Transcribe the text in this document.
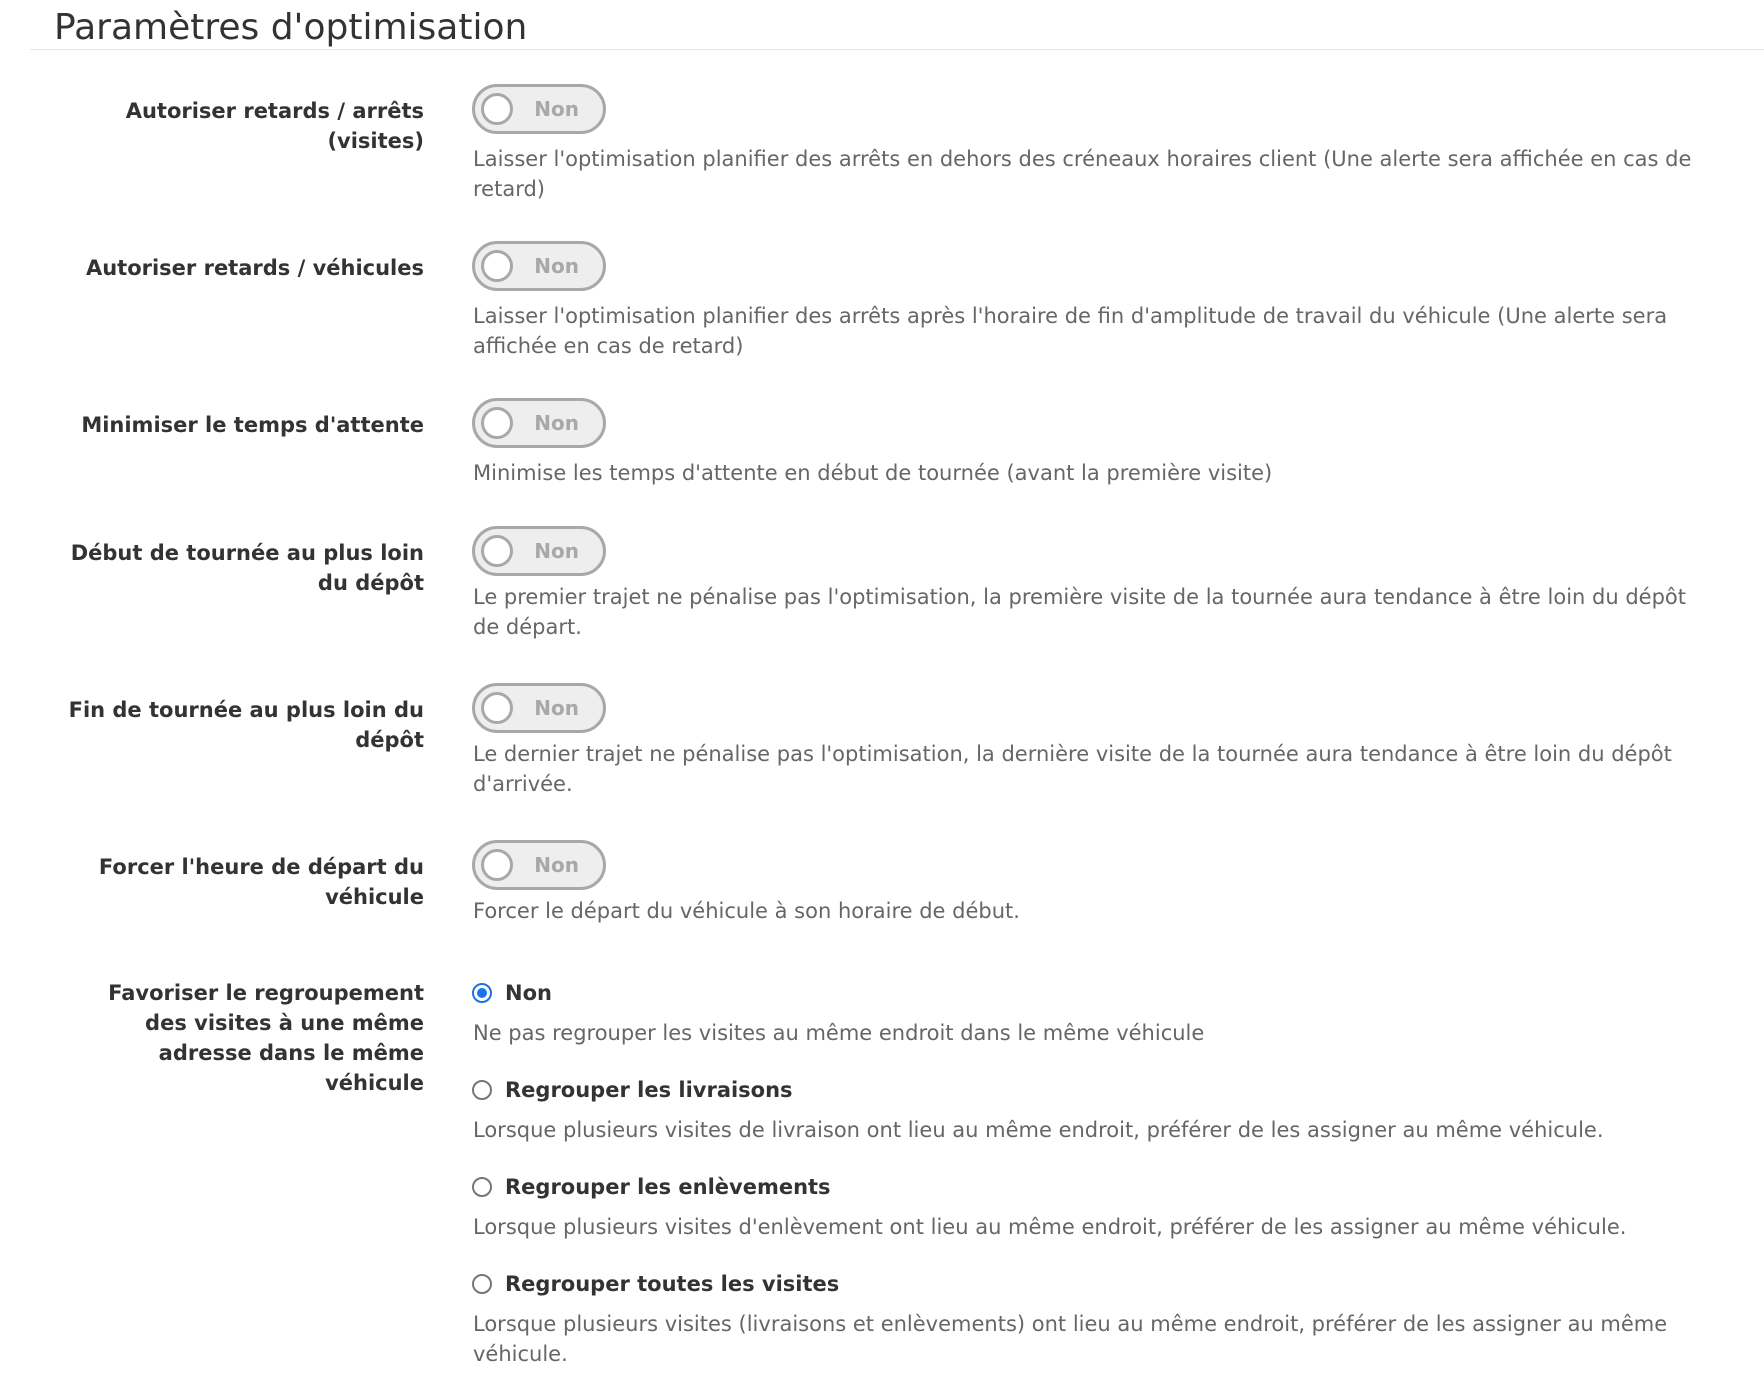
Paramètres d'optimisation
Autoriser retards / arrêts (visites)
Non
Laisser l'optimisation planifier des arrêts en dehors des créneaux horaires client (Une alerte sera affichée en cas de retard)
Autoriser retards / véhicules	Non
Laisser l'optimisation planifier des arrêts après l'horaire de fin d'amplitude de travail du véhicule (Une alerte sera affichée en cas de retard)
Minimiser le temps d'attente	Non
Minimise les temps d'attente en début de tournée (avant la première visite)
Début de tournée au plus loin du dépôt
Non
Le premier trajet ne pénalise pas l'optimisation, la première visite de la tournée aura tendance à être loin du dépôt de départ.
Fin de tournée au plus loin du dépôt
Non
Le dernier trajet ne pénalise pas l'optimisation, la dernière visite de la tournée aura tendance à être loin du dépôt d'arrivée.
Forcer l'heure de départ du véhicule
Non
Forcer le départ du véhicule à son horaire de début.
Favoriser le regroupement des visites à une même adresse dans le même véhicule
Non
Ne pas regrouper les visites au même endroit dans le même véhicule
Regrouper les livraisons
Lorsque plusieurs visites de livraison ont lieu au même endroit, préférer de les assigner au même véhicule.
Regrouper les enlèvements
Lorsque plusieurs visites d'enlèvement ont lieu au même endroit, préférer de les assigner au même véhicule.
Regrouper toutes les visites
Lorsque plusieurs visites (livraisons et enlèvements) ont lieu au même endroit, préférer de les assigner au même véhicule.
